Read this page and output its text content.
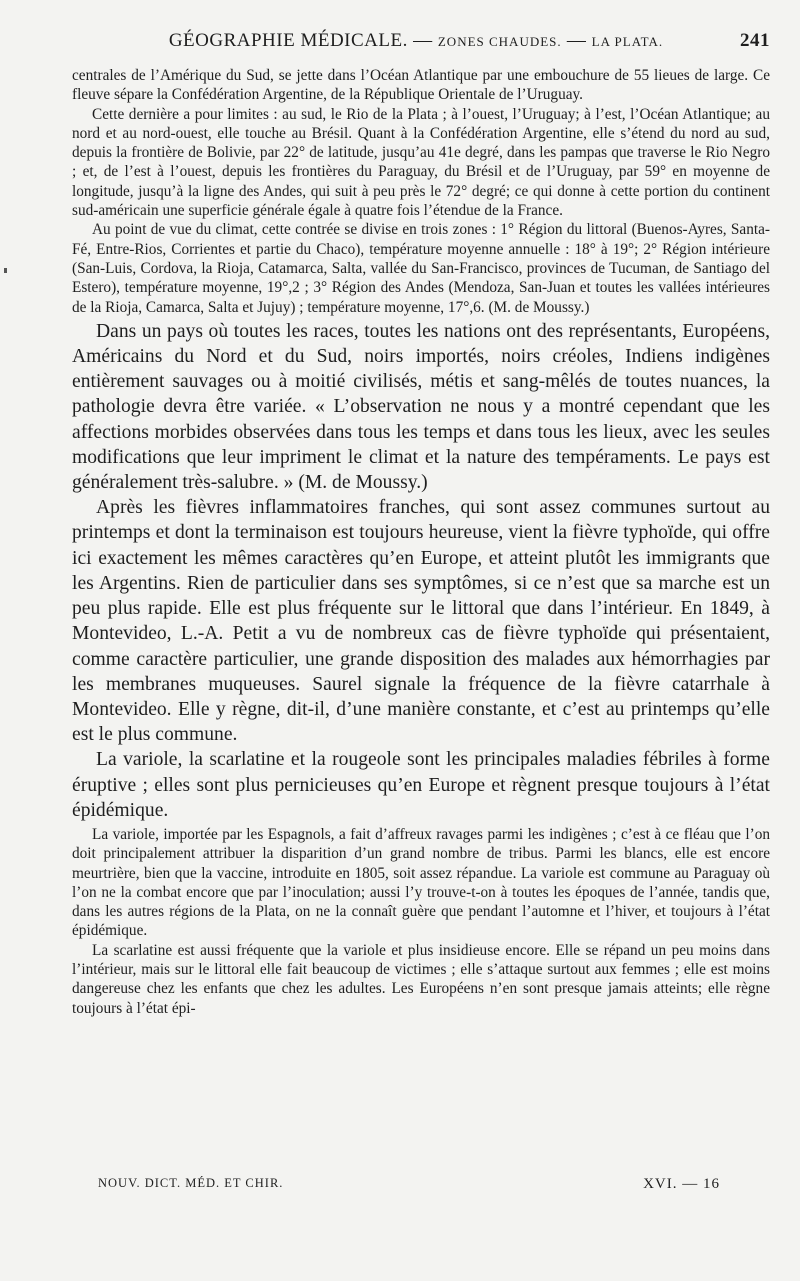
GÉOGRAPHIE MÉDICALE. — ZONES CHAUDES. — LA PLATA.	241

centrales de l’Amérique du Sud, se jette dans l’Océan Atlantique par une embouchure de 55 lieues de large. Ce fleuve sépare la Confédération Argentine, de la République Orientale de l’Uruguay.

Cette dernière a pour limites : au sud, le Rio de la Plata ; à l’ouest, l’Uruguay; à l’est, l’Océan Atlantique; au nord et au nord-ouest, elle touche au Brésil. Quant à la Confédération Argentine, elle s’étend du nord au sud, depuis la frontière de Bolivie, par 22° de latitude, jusqu’au 41e degré, dans les pampas que traverse le Rio Negro ; et, de l’est à l’ouest, depuis les frontières du Paraguay, du Brésil et de l’Uruguay, par 59° en moyenne de longitude, jusqu’à la ligne des Andes, qui suit à peu près le 72° degré; ce qui donne à cette portion du continent sud-américain une superficie générale égale à quatre fois l’étendue de la France.

Au point de vue du climat, cette contrée se divise en trois zones : 1° Région du littoral (Buenos-Ayres, Santa-Fé, Entre-Rios, Corrientes et partie du Chaco), température moyenne annuelle : 18° à 19°; 2° Région intérieure (San-Luis, Cordova, la Rioja, Catamarca, Salta, vallée du San-Francisco, provinces de Tucuman, de Santiago del Estero), température moyenne, 19°,2 ; 3° Région des Andes (Mendoza, San-Juan et toutes les vallées intérieures de la Rioja, Camarca, Salta et Jujuy) ; température moyenne, 17°,6. (M. de Moussy.)

Dans un pays où toutes les races, toutes les nations ont des représentants, Européens, Américains du Nord et du Sud, noirs importés, noirs créoles, Indiens indigènes entièrement sauvages ou à moitié civilisés, métis et sang-mêlés de toutes nuances, la pathologie devra être variée. « L’observation ne nous y a montré cependant que les affections morbides observées dans tous les temps et dans tous les lieux, avec les seules modifications que leur impriment le climat et la nature des tempéraments. Le pays est généralement très-salubre. » (M. de Moussy.)

Après les fièvres inflammatoires franches, qui sont assez communes surtout au printemps et dont la terminaison est toujours heureuse, vient la fièvre typhoïde, qui offre ici exactement les mêmes caractères qu’en Europe, et atteint plutôt les immigrants que les Argentins. Rien de particulier dans ses symptômes, si ce n’est que sa marche est un peu plus rapide. Elle est plus fréquente sur le littoral que dans l’intérieur. En 1849, à Montevideo, L.-A. Petit a vu de nombreux cas de fièvre typhoïde qui présentaient, comme caractère particulier, une grande disposition des malades aux hémorrhagies par les membranes muqueuses. Saurel signale la fréquence de la fièvre catarrhale à Montevideo. Elle y règne, dit-il, d’une manière constante, et c’est au printemps qu’elle est le plus commune.

La variole, la scarlatine et la rougeole sont les principales maladies fébriles à forme éruptive ; elles sont plus pernicieuses qu’en Europe et règnent presque toujours à l’état épidémique.

La variole, importée par les Espagnols, a fait d’affreux ravages parmi les indigènes ; c’est à ce fléau que l’on doit principalement attribuer la disparition d’un grand nombre de tribus. Parmi les blancs, elle est encore meurtrière, bien que la vaccine, introduite en 1805, soit assez répandue. La variole est commune au Paraguay où l’on ne la combat encore que par l’inoculation; aussi l’y trouve-t-on à toutes les époques de l’année, tandis que, dans les autres régions de la Plata, on ne la connaît guère que pendant l’automne et l’hiver, et toujours à l’état épidémique.

La scarlatine est aussi fréquente que la variole et plus insidieuse encore. Elle se répand un peu moins dans l’intérieur, mais sur le littoral elle fait beaucoup de victimes ; elle s’attaque surtout aux femmes ; elle est moins dangereuse chez les enfants que chez les adultes. Les Européens n’en sont presque jamais atteints; elle règne toujours à l’état épi-

NOUV. DICT. MÉD. ET CHIR.	XVI. — 16
